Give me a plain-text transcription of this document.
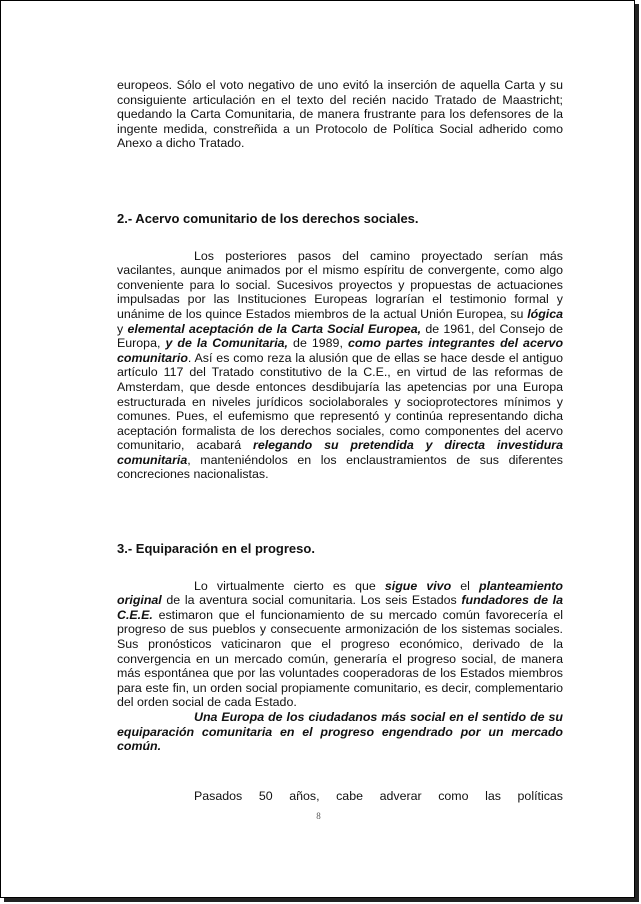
europeos. Sólo el voto negativo de uno evitó la inserción de aquella Carta y su consiguiente articulación en el texto del recién nacido Tratado de Maastricht; quedando la Carta Comunitaria, de manera frustrante para los defensores de la ingente medida, constreñida a un Protocolo de Política Social adherido como Anexo a dicho Tratado.

2.- Acervo comunitario de los derechos sociales.

Los posteriores pasos del camino proyectado serían más vacilantes, aunque animados por el mismo espíritu de convergente, como algo conveniente para lo social. Sucesivos proyectos y propuestas de actuaciones impulsadas por las Instituciones Europeas lograrían el testimonio formal y unánime de los quince Estados miembros de la actual Unión Europea, su lógica y elemental aceptación de la Carta Social Europea, de 1961, del Consejo de Europa, y de la Comunitaria, de 1989, como partes integrantes del acervo comunitario. Así es como reza la alusión que de ellas se hace desde el antiguo artículo 117 del Tratado constitutivo de la C.E., en virtud de las reformas de Amsterdam, que desde entonces desdibujaría las apetencias por una Europa estructurada en niveles jurídicos sociolaborales y socioprotectores mínimos y comunes. Pues, el eufemismo que representó y continúa representando dicha aceptación formalista de los derechos sociales, como componentes del acervo comunitario, acabará relegando su pretendida y directa investidura comunitaria, manteniéndolos en los enclaustramientos de sus diferentes concreciones nacionalistas.

3.- Equiparación en el progreso.

Lo virtualmente cierto es que sigue vivo el planteamiento original de la aventura social comunitaria. Los seis Estados fundadores de la C.E.E. estimaron que el funcionamiento de su mercado común favorecería el progreso de sus pueblos y consecuente armonización de los sistemas sociales. Sus pronósticos vaticinaron que el progreso económico, derivado de la convergencia en un mercado común, generaría el progreso social, de manera más espontánea que por las voluntades cooperadoras de los Estados miembros para este fin, un orden social propiamente comunitario, es decir, complementario del orden social de cada Estado.

Una Europa de los ciudadanos más social en el sentido de su equiparación comunitaria en el progreso engendrado por un mercado común.

Pasados 50 años, cabe adverar como las políticas

8
